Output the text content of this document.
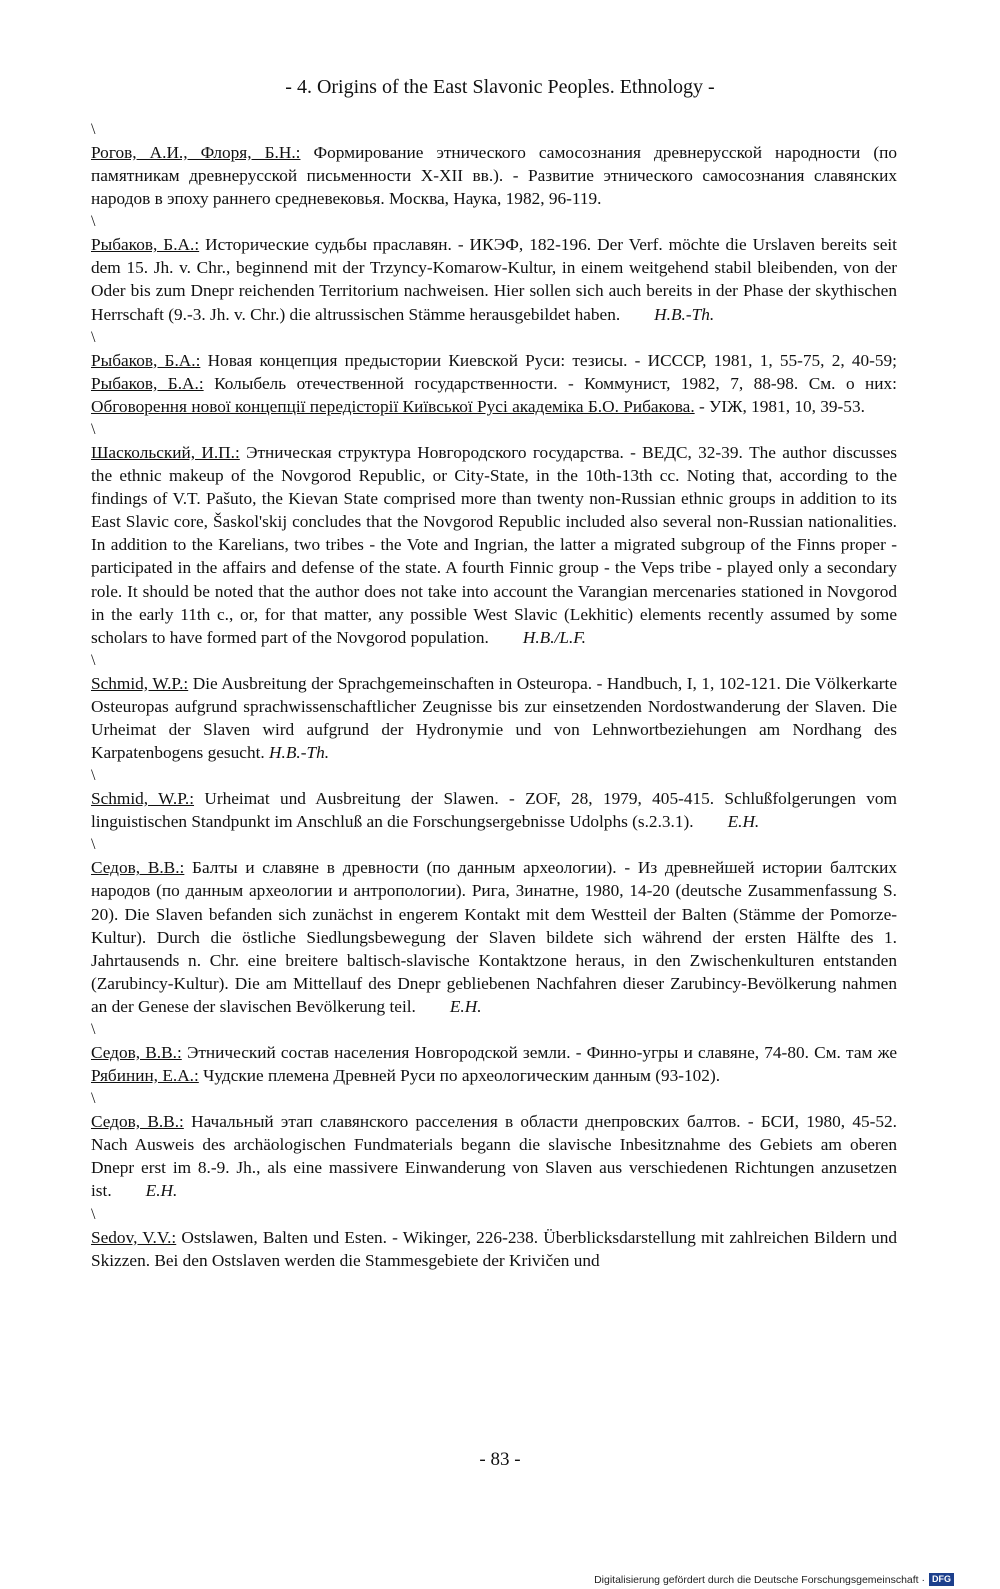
- 4. Origins of the East Slavonic Peoples. Ethnology -
\

Рогов, А.И., Флоря, Б.Н.: Формирование этнического самосознания древнерусской народности (по памятникам древнерусской письменности X-XII вв.). - Развитие этнического самосознания славянских народов в эпоху раннего средневековья. Москва, Наука, 1982, 96-119.

\

Рыбаков, Б.А.: Исторические судьбы праславян. - ИКЭФ, 182-196. Der Verf. möchte die Urslaven bereits seit dem 15. Jh. v. Chr., beginnend mit der Trzyncy-Komarow-Kultur, in einem weitgehend stabil bleibenden, von der Oder bis zum Dnepr reichenden Territorium nachweisen. Hier sollen sich auch bereits in der Phase der skythischen Herrschaft (9.-3. Jh. v. Chr.) die altrussischen Stämme herausgebildet haben. H.B.-Th.

\

Рыбаков, Б.А.: Новая концепция предыстории Киевской Руси: тезисы. - ИСССР, 1981, 1, 55-75, 2, 40-59; Рыбаков, Б.А.: Колыбель отечественной государственности. - Коммунист, 1982, 7, 88-98. См. о них: Обговорення нової концепції передісторії Київської Русі академіка Б.О. Рибакова. - УІЖ, 1981, 10, 39-53.

\

Шаскольский, И.П.: Этническая структура Новгородского государства. - ВЕДС, 32-39. The author discusses the ethnic makeup of the Novgorod Republic, or City-State, in the 10th-13th cc. Noting that, according to the findings of V.T. Pašuto, the Kievan State comprised more than twenty non-Russian ethnic groups in addition to its East Slavic core, Šaskol'skij concludes that the Novgorod Republic included also several non-Russian nationalities. In addition to the Karelians, two tribes - the Vote and Ingrian, the latter a migrated subgroup of the Finns proper - participated in the affairs and defense of the state. A fourth Finnic group - the Veps tribe - played only a secondary role. It should be noted that the author does not take into account the Varangian mercenaries stationed in Novgorod in the early 11th c., or, for that matter, any possible West Slavic (Lekhitic) elements recently assumed by some scholars to have formed part of the Novgorod population. H.B./L.F.

\

Schmid, W.P.: Die Ausbreitung der Sprachgemeinschaften in Osteuropa. - Handbuch, I, 1, 102-121. Die Völkerkarte Osteuropas aufgrund sprachwissenschaftlicher Zeugnisse bis zur einsetzenden Nordostwanderung der Slaven. Die Urheimat der Slaven wird aufgrund der Hydronymie und von Lehnwortbeziehungen am Nordhang des Karpatenbogens gesucht. H.B.-Th.

\

Schmid, W.P.: Urheimat und Ausbreitung der Slawen. - ZOF, 28, 1979, 405-415. Schlußfolgerungen vom linguistischen Standpunkt im Anschluß an die Forschungsergebnisse Udolphs (s.2.3.1). E.H.

\

Седов, В.В.: Балты и славяне в древности (по данным археологии). - Из древнейшей истории балтских народов (по данным археологии и антропологии). Рига, Зинатне, 1980, 14-20 (deutsche Zusammenfassung S. 20). Die Slaven befanden sich zunächst in engerem Kontakt mit dem Westteil der Balten (Stämme der Pomorze-Kultur). Durch die östliche Siedlungsbewegung der Slaven bildete sich während der ersten Hälfte des 1. Jahrtausends n. Chr. eine breitere baltisch-slavische Kontaktzone heraus, in den Zwischenkulturen entstanden (Zarubincy-Kultur). Die am Mittellauf des Dnepr gebliebenen Nachfahren dieser Zarubincy-Bevölkerung nahmen an der Genese der slavischen Bevölkerung teil. E.H.

\

Седов, В.В.: Этнический состав населения Новгородской земли. - Финно-угры и славяне, 74-80. См. там же Рябинин, Е.А.: Чудские племена Древней Руси по археологическим данным (93-102).

\

Седов, В.В.: Начальный этап славянского расселения в области днепровских балтов. - БСИ, 1980, 45-52. Nach Ausweis des archäologischen Fundmaterials begann die slavische Inbesitznahme des Gebiets am oberen Dnepr erst im 8.-9. Jh., als eine massivere Einwanderung von Slaven aus verschiedenen Richtungen anzusetzen ist. E.H.

\

Sedov, V.V.: Ostslawen, Balten und Esten. - Wikinger, 226-238. Überblicksdarstellung mit zahlreichen Bildern und Skizzen. Bei den Ostslaven werden die Stammesgebiete der Krivičen und

- 83 -
Digitalisierung gefördert durch die Deutsche Forschungsgemeinschaft · DFG
